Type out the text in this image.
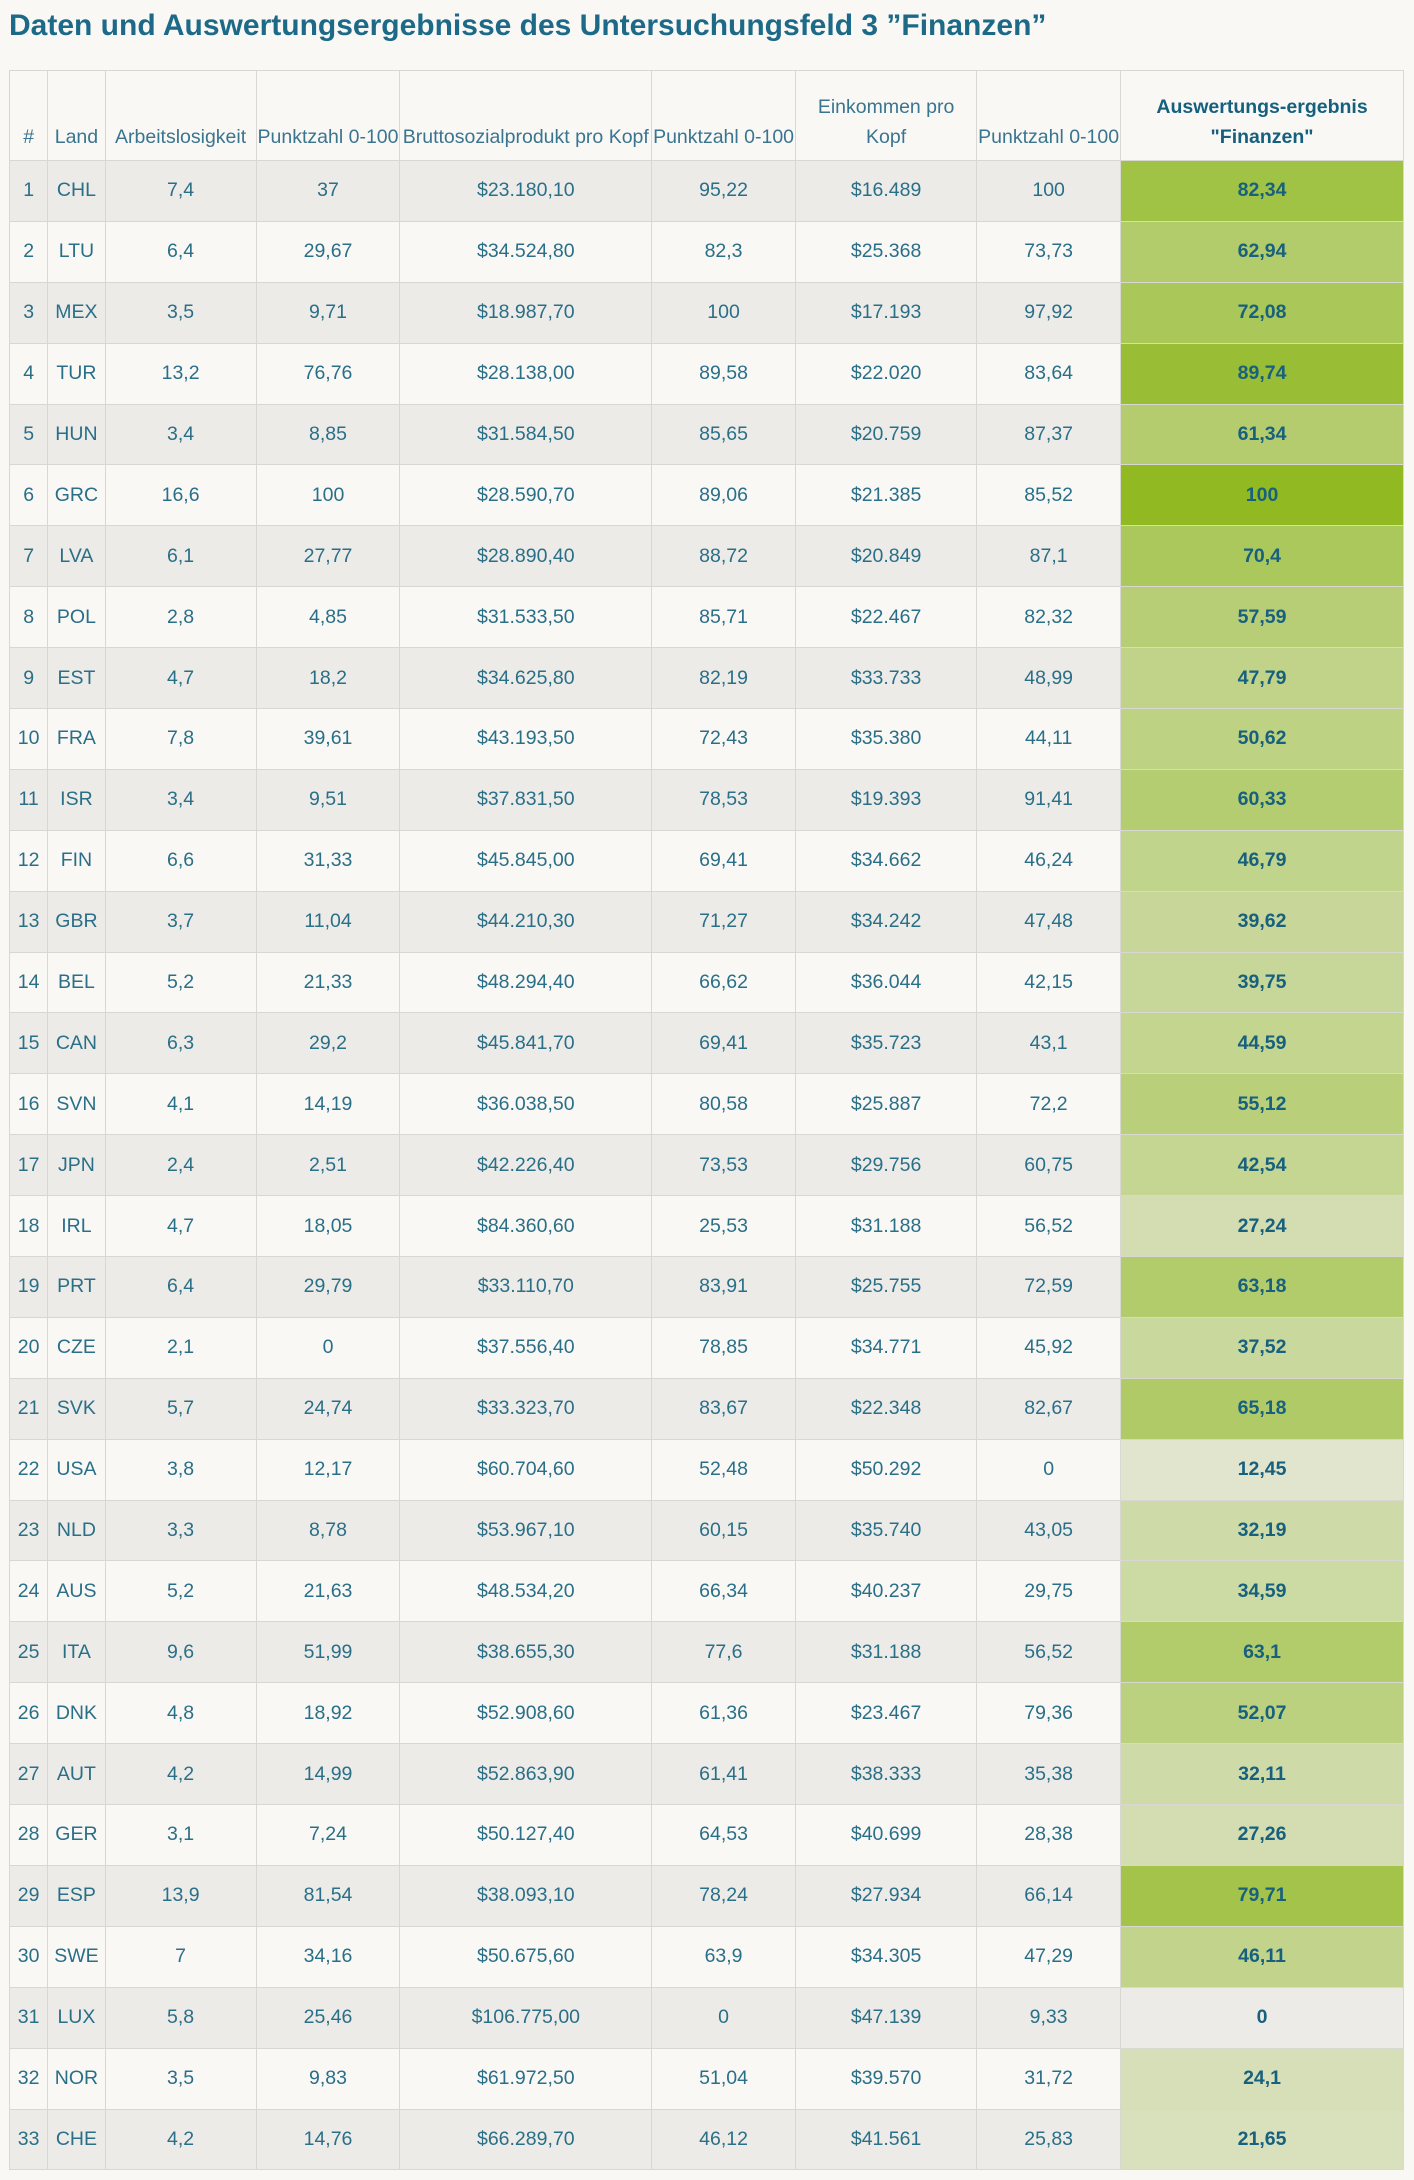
Daten und Auswertungsergebnisse des Untersuchungsfeld 3 ”Finanzen”
#	Land	Arbeitslosigkeit	Punktzahl 0-100	Bruttosozialprodukt pro Kopf	Punktzahl 0-100	Einkommen pro Kopf	Punktzahl 0-100	Auswertungs-ergebnis "Finanzen"
1	CHL	7,4	37	$23.180,10	95,22	$16.489	100	82,34
2	LTU	6,4	29,67	$34.524,80	82,3	$25.368	73,73	62,94
3	MEX	3,5	9,71	$18.987,70	100	$17.193	97,92	72,08
4	TUR	13,2	76,76	$28.138,00	89,58	$22.020	83,64	89,74
5	HUN	3,4	8,85	$31.584,50	85,65	$20.759	87,37	61,34
6	GRC	16,6	100	$28.590,70	89,06	$21.385	85,52	100
7	LVA	6,1	27,77	$28.890,40	88,72	$20.849	87,1	70,4
8	POL	2,8	4,85	$31.533,50	85,71	$22.467	82,32	57,59
9	EST	4,7	18,2	$34.625,80	82,19	$33.733	48,99	47,79
10	FRA	7,8	39,61	$43.193,50	72,43	$35.380	44,11	50,62
11	ISR	3,4	9,51	$37.831,50	78,53	$19.393	91,41	60,33
12	FIN	6,6	31,33	$45.845,00	69,41	$34.662	46,24	46,79
13	GBR	3,7	11,04	$44.210,30	71,27	$34.242	47,48	39,62
14	BEL	5,2	21,33	$48.294,40	66,62	$36.044	42,15	39,75
15	CAN	6,3	29,2	$45.841,70	69,41	$35.723	43,1	44,59
16	SVN	4,1	14,19	$36.038,50	80,58	$25.887	72,2	55,12
17	JPN	2,4	2,51	$42.226,40	73,53	$29.756	60,75	42,54
18	IRL	4,7	18,05	$84.360,60	25,53	$31.188	56,52	27,24
19	PRT	6,4	29,79	$33.110,70	83,91	$25.755	72,59	63,18
20	CZE	2,1	0	$37.556,40	78,85	$34.771	45,92	37,52
21	SVK	5,7	24,74	$33.323,70	83,67	$22.348	82,67	65,18
22	USA	3,8	12,17	$60.704,60	52,48	$50.292	0	12,45
23	NLD	3,3	8,78	$53.967,10	60,15	$35.740	43,05	32,19
24	AUS	5,2	21,63	$48.534,20	66,34	$40.237	29,75	34,59
25	ITA	9,6	51,99	$38.655,30	77,6	$31.188	56,52	63,1
26	DNK	4,8	18,92	$52.908,60	61,36	$23.467	79,36	52,07
27	AUT	4,2	14,99	$52.863,90	61,41	$38.333	35,38	32,11
28	GER	3,1	7,24	$50.127,40	64,53	$40.699	28,38	27,26
29	ESP	13,9	81,54	$38.093,10	78,24	$27.934	66,14	79,71
30	SWE	7	34,16	$50.675,60	63,9	$34.305	47,29	46,11
31	LUX	5,8	25,46	$106.775,00	0	$47.139	9,33	0
32	NOR	3,5	9,83	$61.972,50	51,04	$39.570	31,72	24,1
33	CHE	4,2	14,76	$66.289,70	46,12	$41.561	25,83	21,65
